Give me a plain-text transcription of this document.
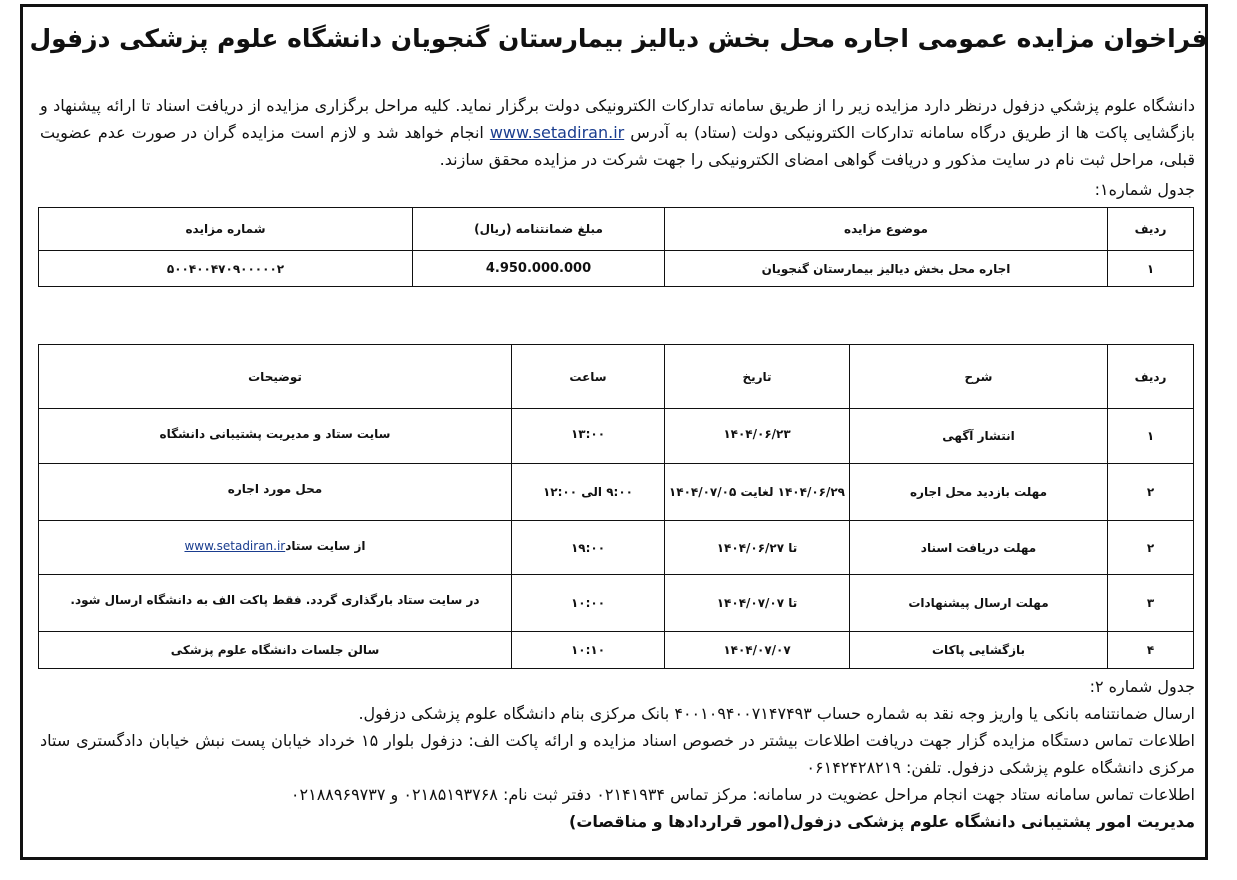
فراخوان مزایده عمومی اجاره محل بخش دیالیز بیمارستان گنجویان دانشگاه علوم پزشکی دزفول
دانشگاه علوم پزشکي دزفول درنظر دارد مزایده زیر را از طریق سامانه تدارکات الکترونیکی دولت برگزار نماید. کلیه مراحل برگزاری مزایده از دریافت اسناد تا ارائه پیشنهاد و بازگشایی پاکت ها از طریق درگاه سامانه تدارکات الکترونیکی دولت (ستاد) به آدرس www.setadiran.ir انجام خواهد شد و لازم است مزایده گران در صورت عدم عضویت قبلی، مراحل ثبت نام در سایت مذکور و دریافت گواهی امضای الکترونیکی را جهت شرکت در مزایده محقق سازند.
جدول شماره۱:
ردیف	موضوع مزایده	مبلغ ضمانتنامه (ریال)	شماره مزایده
۱	اجاره محل بخش دیالیز بیمارستان گنجویان	4.950.000.000	۵۰۰۴۰۰۴۷۰۹۰۰۰۰۰۲
ردیف	شرح	تاریخ	ساعت	توضیحات
۱	انتشار آگهی	۱۴۰۴/۰۶/۲۳	۱۳:۰۰	سایت ستاد و مدیریت پشتیبانی دانشگاه
۲	مهلت بازدید محل اجاره	۱۴۰۴/۰۶/۲۹ لغایت ۱۴۰۴/۰۷/۰۵	۹:۰۰ الی ۱۲:۰۰	محل مورد اجاره
۲	مهلت دریافت اسناد	تا ۱۴۰۴/۰۶/۲۷	۱۹:۰۰	از سایت ستادwww.setadiran.ir
۳	مهلت ارسال پیشنهادات	تا ۱۴۰۴/۰۷/۰۷	۱۰:۰۰	در سایت ستاد بارگذاری گردد. فقط پاکت الف به دانشگاه ارسال شود.
۴	بازگشایی پاکات	۱۴۰۴/۰۷/۰۷	۱۰:۱۰	سالن جلسات دانشگاه علوم پزشکی

جدول شماره ۲:

ارسال ضمانتنامه بانکی یا واریز وجه نقد به شماره حساب ۴۰۰۱۰۹۴۰۰۷۱۴۷۴۹۳ بانک مرکزی بنام دانشگاه علوم پزشکی دزفول.

اطلاعات تماس دستگاه مزایده گزار جهت دریافت اطلاعات بیشتر در خصوص اسناد مزایده و ارائه پاکت الف: دزفول بلوار ۱۵ خرداد خیابان پست نبش خیابان دادگستری ستاد مرکزی دانشگاه علوم پزشکی دزفول. تلفن: ۰۶۱۴۲۴۲۸۲۱۹

اطلاعات تماس سامانه ستاد جهت انجام مراحل عضویت در سامانه: مرکز تماس ۰۲۱۴۱۹۳۴ دفتر ثبت نام: ۰۲۱۸۵۱۹۳۷۶۸ و ۰۲۱۸۸۹۶۹۷۳۷

مدیریت امور پشتیبانی دانشگاه علوم پزشکی دزفول(امور قراردادها و مناقصات)
